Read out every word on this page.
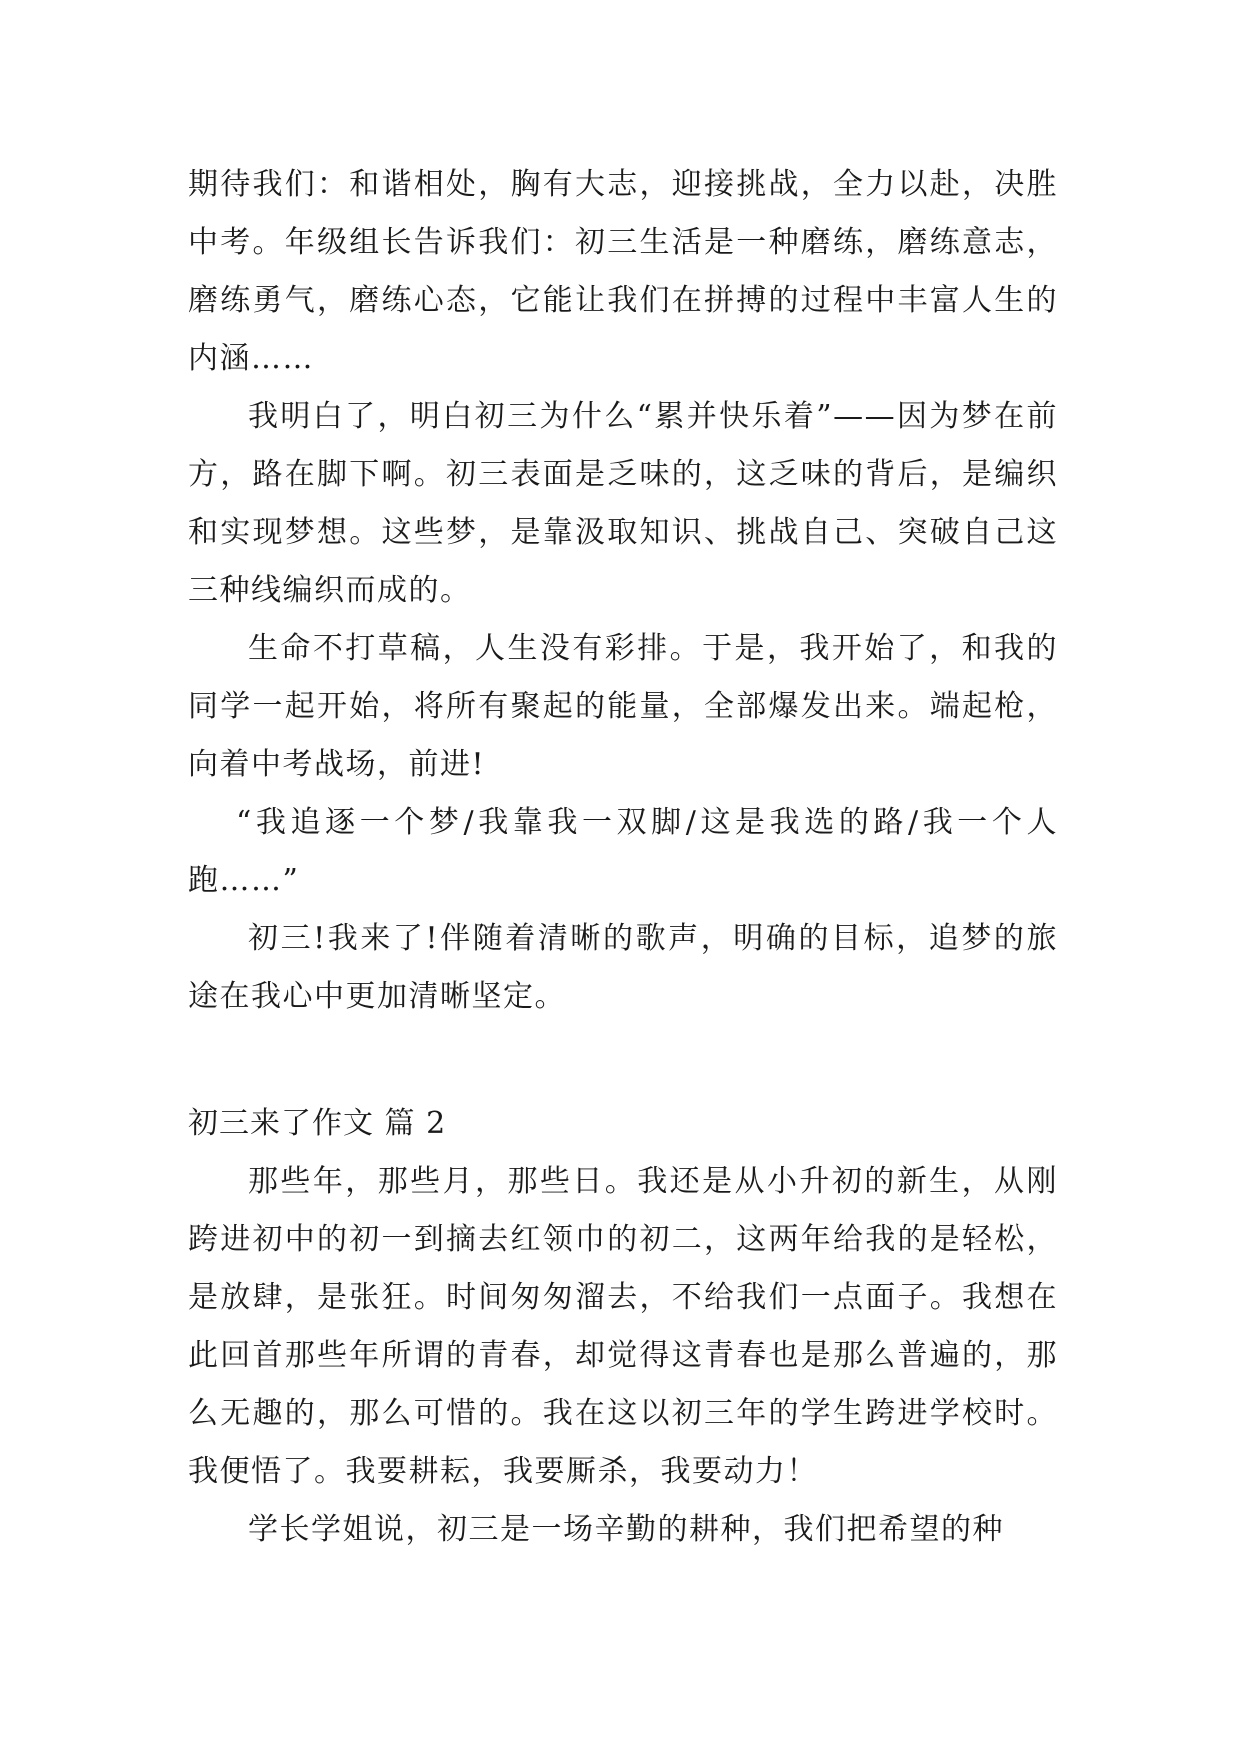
期待我们：和谐相处，胸有大志，迎接挑战，全力以赴，决胜中考。年级组长告诉我们：初三生活是一种磨练，磨练意志，磨练勇气，磨练心态，它能让我们在拼搏的过程中丰富人生的内涵……

我明白了，明白初三为什么“累并快乐着”——因为梦在前方，路在脚下啊。初三表面是乏味的，这乏味的背后，是编织和实现梦想。这些梦，是靠汲取知识、挑战自己、突破自己这三种线编织而成的。

生命不打草稿，人生没有彩排。于是，我开始了，和我的同学一起开始，将所有聚起的能量，全部爆发出来。端起枪，向着中考战场，前进!

“我追逐一个梦/我靠我一双脚/这是我选的路/我一个人跑……”

初三!我来了!伴随着清晰的歌声，明确的目标，追梦的旅途在我心中更加清晰坚定。

初三来了作文 篇 2

那些年，那些月，那些日。我还是从小升初的新生，从刚跨进初中的初一到摘去红领巾的初二，这两年给我的是轻松，是放肆，是张狂。时间匆匆溜去，不给我们一点面子。我想在此回首那些年所谓的青春，却觉得这青春也是那么普遍的，那么无趣的，那么可惜的。我在这以初三年的学生跨进学校时。我便悟了。我要耕耘，我要厮杀，我要动力！

学长学姐说，初三是一场辛勤的耕种，我们把希望的种
